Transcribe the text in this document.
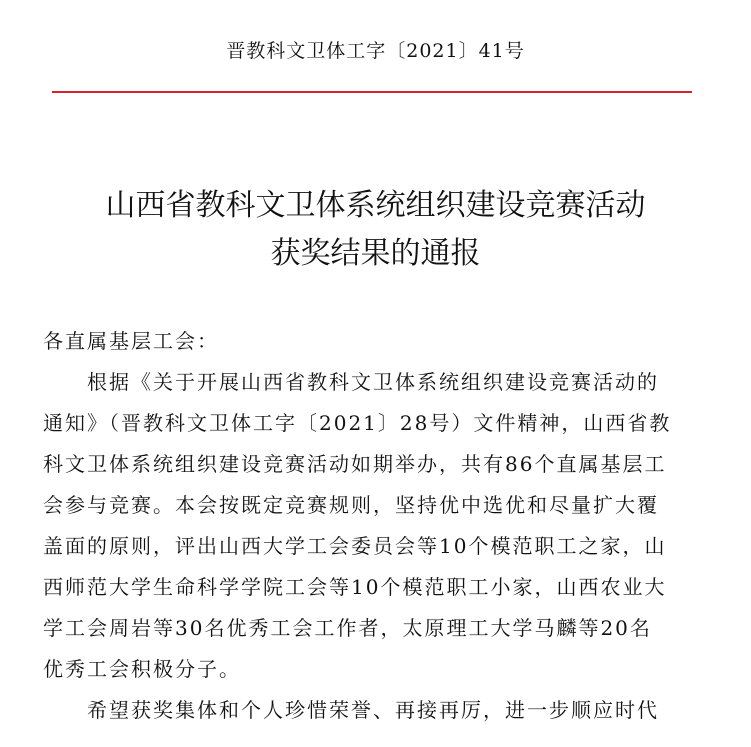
晋教科文卫体工字〔2021〕41号
山西省教科文卫体系统组织建设竞赛活动
获奖结果的通报
各直属基层工会：
　　根据《关于开展山西省教科文卫体系统组织建设竞赛活动的
通知》（晋教科文卫体工字〔2021〕28号）文件精神，山西省教
科文卫体系统组织建设竞赛活动如期举办，共有86个直属基层工
会参与竞赛。本会按既定竞赛规则，坚持优中选优和尽量扩大覆
盖面的原则，评出山西大学工会委员会等10个模范职工之家，山
西师范大学生命科学学院工会等10个模范职工小家，山西农业大
学工会周岩等30名优秀工会工作者，太原理工大学马麟等20名
优秀工会积极分子。
　　希望获奖集体和个人珍惜荣誉、再接再厉，进一步顺应时代
